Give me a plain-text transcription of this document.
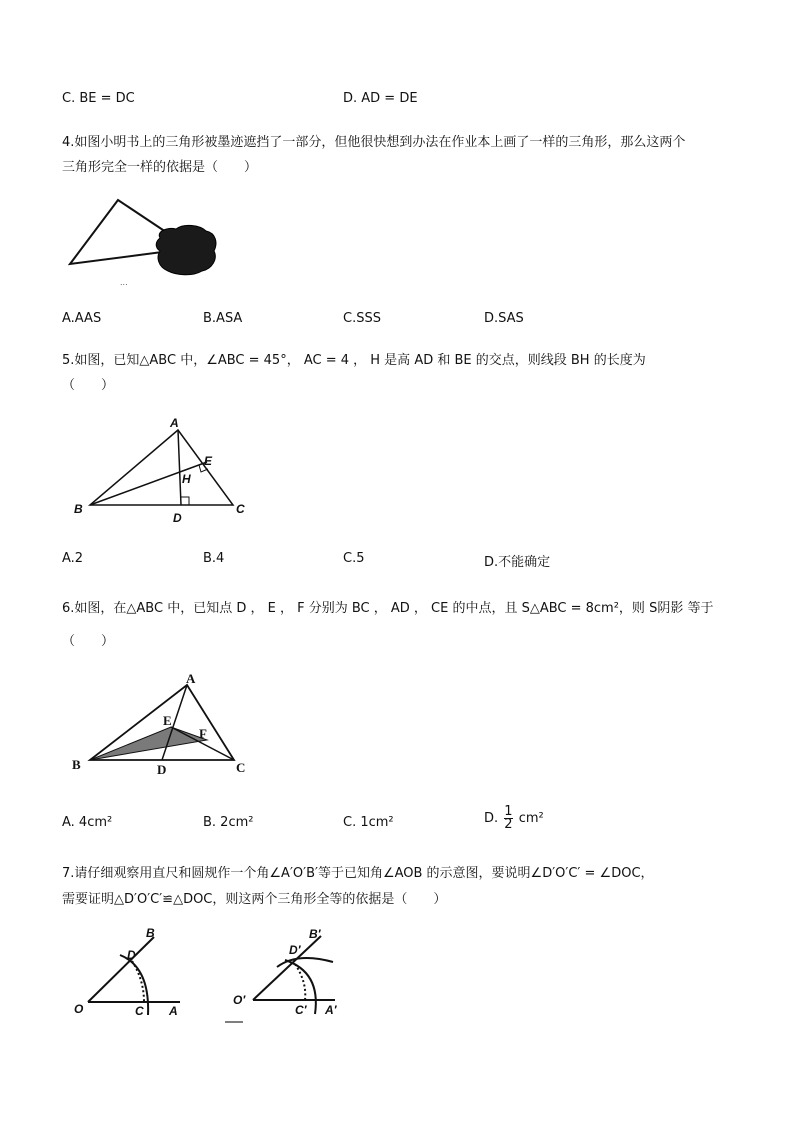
C. BE = DC	D. AD = DE
4.如图小明书上的三角形被墨迹遮挡了一部分，但他很快想到办法在作业本上画了一样的三角形，那么这两个
三角形完全一样的依据是（　　）
...
A.AAS	B.ASA	C.SSS	D.SAS
5.如图，已知△ABC 中，∠ABC = 45°， AC = 4 ， H 是高 AD 和 BE 的交点，则线段 BH 的长度为
（　　）
A
B	C
D
E
H
A.2	B.4	C.5	D.不能确定
6.如图，在△ABC 中，已知点 D ， E ， F 分别为 BC ， AD ， CE 的中点，且 S△ABC = 8cm²，则 S阴影 等于
（　　）
A
B	C
D
E
F
A. 4cm²	B. 2cm²	C. 1cm²	D. $\frac{1}{2} cm^2$
7.请仔细观察用直尺和圆规作一个角∠A′O′B′等于已知角∠AOB 的示意图，要说明∠D′O′C′ = ∠DOC，
需要证明△D′O′C′≌△DOC，则这两个三角形全等的依据是（　　）
O	A
B
C
D
O′
A′
B′
C′
D′
